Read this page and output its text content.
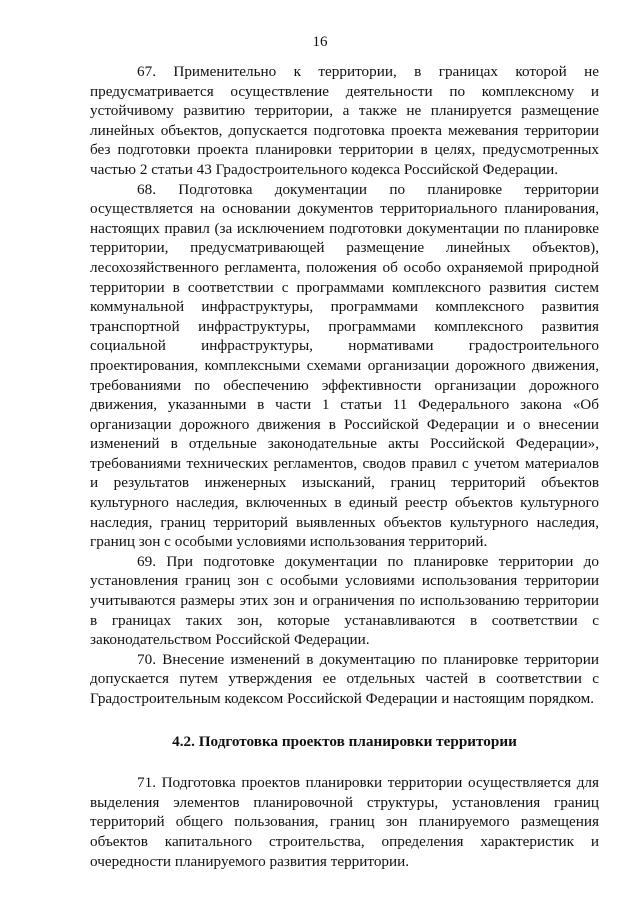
16

67. Применительно к территории, в границах которой не предусматривается осуществление деятельности по комплексному и устойчивому развитию территории, а также не планируется размещение линейных объектов, допускается подготовка проекта межевания территории без подготовки проекта планировки территории в целях, предусмотренных частью 2 статьи 43 Градостроительного кодекса Российской Федерации.

68. Подготовка документации по планировке территории осуществляется на основании документов территориального планирования, настоящих правил (за исключением подготовки документации по планировке территории, предусматривающей размещение линейных объектов), лесохозяйственного регламента, положения об особо охраняемой природной территории в соответствии с программами комплексного развития систем коммунальной инфраструктуры, программами комплексного развития транспортной инфраструктуры, программами комплексного развития социальной инфраструктуры, нормативами градостроительного проектирования, комплексными схемами организации дорожного движения, требованиями по обеспечению эффективности организации дорожного движения, указанными в части 1 статьи 11 Федерального закона «Об организации дорожного движения в Российской Федерации и о внесении изменений в отдельные законодательные акты Российской Федерации», требованиями технических регламентов, сводов правил с учетом материалов и результатов инженерных изысканий, границ территорий объектов культурного наследия, включенных в единый реестр объектов культурного наследия, границ территорий выявленных объектов культурного наследия, границ зон с особыми условиями использования территорий.

69. При подготовке документации по планировке территории до установления границ зон с особыми условиями использования территории учитываются размеры этих зон и ограничения по использованию территории в границах таких зон, которые устанавливаются в соответствии с законодательством Российской Федерации.

70. Внесение изменений в документацию по планировке территории допускается путем утверждения ее отдельных частей в соответствии с Градостроительным кодексом Российской Федерации и настоящим порядком.

4.2. Подготовка проектов планировки территории

71. Подготовка проектов планировки территории осуществляется для выделения элементов планировочной структуры, установления границ территорий общего пользования, границ зон планируемого размещения объектов капитального строительства, определения характеристик и очередности планируемого развития территории.
